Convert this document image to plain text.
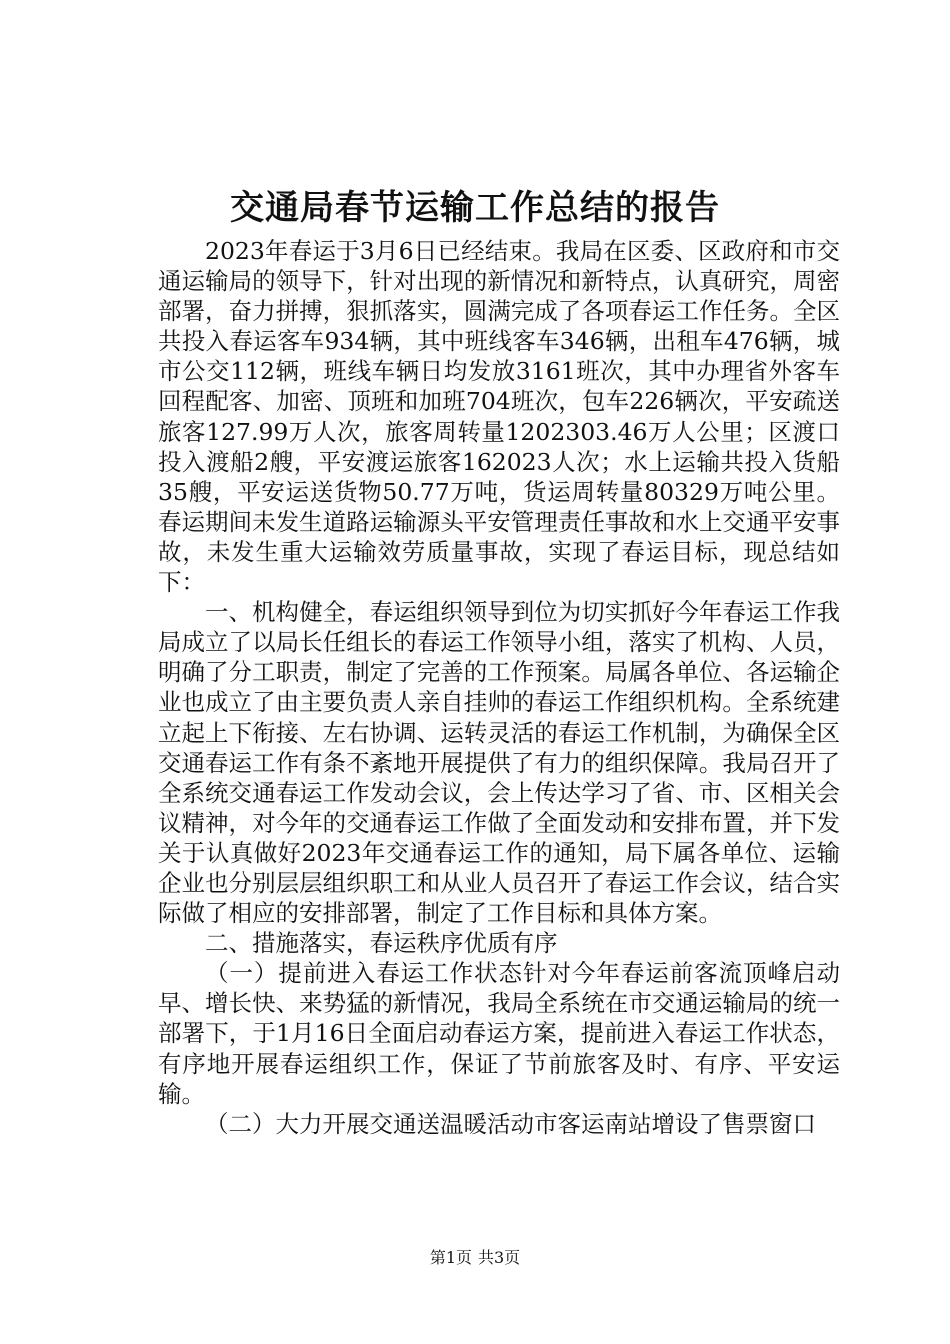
交通局春节运输工作总结的报告

2023年春运于3月6日已经结束。我局在区委、区政府和市交通运输局的领导下，针对出现的新情况和新特点，认真研究，周密部署，奋力拼搏，狠抓落实，圆满完成了各项春运工作任务。全区共投入春运客车934辆，其中班线客车346辆，出租车476辆，城市公交112辆，班线车辆日均发放3161班次，其中办理省外客车回程配客、加密、顶班和加班704班次，包车226辆次，平安疏送旅客127.99万人次，旅客周转量1202303.46万人公里；区渡口投入渡船2艘，平安渡运旅客162023人次；水上运输共投入货船35艘，平安运送货物50.77万吨，货运周转量80329万吨公里。春运期间未发生道路运输源头平安管理责任事故和水上交通平安事故，未发生重大运输效劳质量事故，实现了春运目标，现总结如下：

一、机构健全，春运组织领导到位为切实抓好今年春运工作我局成立了以局长任组长的春运工作领导小组，落实了机构、人员，明确了分工职责，制定了完善的工作预案。局属各单位、各运输企业也成立了由主要负责人亲自挂帅的春运工作组织机构。全系统建立起上下衔接、左右协调、运转灵活的春运工作机制，为确保全区交通春运工作有条不紊地开展提供了有力的组织保障。我局召开了全系统交通春运工作发动会议，会上传达学习了省、市、区相关会议精神，对今年的交通春运工作做了全面发动和安排布置，并下发关于认真做好2023年交通春运工作的通知，局下属各单位、运输企业也分别层层组织职工和从业人员召开了春运工作会议，结合实际做了相应的安排部署，制定了工作目标和具体方案。

二、措施落实，春运秩序优质有序

（一）提前进入春运工作状态针对今年春运前客流顶峰启动早、增长快、来势猛的新情况，我局全系统在市交通运输局的统一部署下，于1月16日全面启动春运方案，提前进入春运工作状态，有序地开展春运组织工作，保证了节前旅客及时、有序、平安运输。

（二）大力开展交通送温暖活动市客运南站增设了售票窗口

第1页 共3页
